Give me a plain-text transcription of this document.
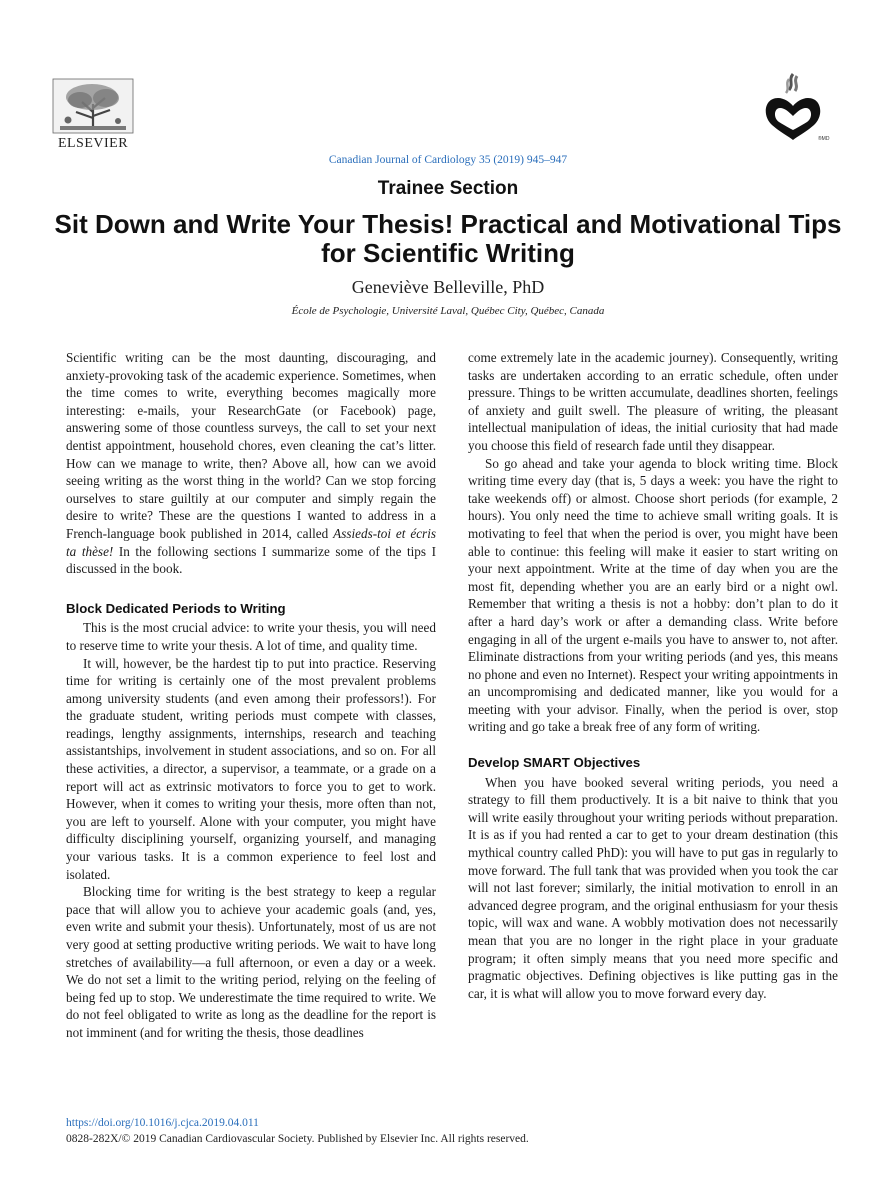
ELSEVIER	®MD
Canadian Journal of Cardiology 35 (2019) 945–947
Trainee Section
Sit Down and Write Your Thesis! Practical and Motivational Tips for Scientific Writing
Geneviève Belleville, PhD
École de Psychologie, Université Laval, Québec City, Québec, Canada

Scientific writing can be the most daunting, discouraging, and anxiety-provoking task of the academic experience. Sometimes, when the time comes to write, everything becomes magically more interesting: e-mails, your ResearchGate (or Facebook) page, answering some of those countless surveys, the call to set your next dentist appointment, household chores, even cleaning the cat’s litter. How can we manage to write, then? Above all, how can we avoid seeing writing as the worst thing in the world? Can we stop forcing ourselves to stare guiltily at our computer and simply regain the desire to write? These are the questions I wanted to address in a French-language book published in 2014, called Assieds-toi et écris ta thèse! In the following sections I summarize some of the tips I discussed in the book.

Block Dedicated Periods to Writing

This is the most crucial advice: to write your thesis, you will need to reserve time to write your thesis. A lot of time, and quality time.

It will, however, be the hardest tip to put into practice. Reserving time for writing is certainly one of the most prevalent problems among university students (and even among their professors!). For the graduate student, writing periods must compete with classes, readings, lengthy assignments, internships, research and teaching assistantships, involvement in student associations, and so on. For all these activities, a director, a supervisor, a teammate, or a grade on a report will act as extrinsic motivators to force you to get to work. However, when it comes to writing your thesis, more often than not, you are left to yourself. Alone with your computer, you might have difficulty disciplining yourself, organizing yourself, and managing your various tasks. It is a common experience to feel lost and isolated.

Blocking time for writing is the best strategy to keep a regular pace that will allow you to achieve your academic goals (and, yes, even write and submit your thesis). Unfortunately, most of us are not very good at setting productive writing periods. We wait to have long stretches of availability—a full afternoon, or even a day or a week. We do not set a limit to the writing period, relying on the feeling of being fed up to stop. We underestimate the time required to write. We do not feel obligated to write as long as the deadline for the report is not imminent (and for writing the thesis, those deadlines

come extremely late in the academic journey). Consequently, writing tasks are undertaken according to an erratic schedule, often under pressure. Things to be written accumulate, deadlines shorten, feelings of anxiety and guilt swell. The pleasure of writing, the pleasant intellectual manipulation of ideas, the initial curiosity that had made you choose this field of research fade until they disappear.

So go ahead and take your agenda to block writing time. Block writing time every day (that is, 5 days a week: you have the right to take weekends off) or almost. Choose short periods (for example, 2 hours). You only need the time to achieve small writing goals. It is motivating to feel that when the period is over, you might have been able to continue: this feeling will make it easier to start writing on your next appointment. Write at the time of day when you are the most fit, depending whether you are an early bird or a night owl. Remember that writing a thesis is not a hobby: don’t plan to do it after a hard day’s work or after a demanding class. Write before engaging in all of the urgent e-mails you have to answer to, not after. Eliminate distractions from your writing periods (and yes, this means no phone and even no Internet). Respect your writing appointments in an uncompromising and dedicated manner, like you would for a meeting with your advisor. Finally, when the period is over, stop writing and go take a break free of any form of writing.

Develop SMART Objectives

When you have booked several writing periods, you need a strategy to fill them productively. It is a bit naive to think that you will write easily throughout your writing periods without preparation. It is as if you had rented a car to get to your dream destination (this mythical country called PhD): you will have to put gas in regularly to move forward. The full tank that was provided when you took the car will not last forever; similarly, the initial motivation to enroll in an advanced degree program, and the original enthusiasm for your thesis topic, will wax and wane. A wobbly motivation does not necessarily mean that you are no longer in the right place in your graduate program; it often simply means that you need more specific and pragmatic objectives. Defining objectives is like putting gas in the car, it is what will allow you to move forward every day.

https://doi.org/10.1016/j.cjca.2019.04.011
0828-282X/© 2019 Canadian Cardiovascular Society. Published by Elsevier Inc. All rights reserved.
